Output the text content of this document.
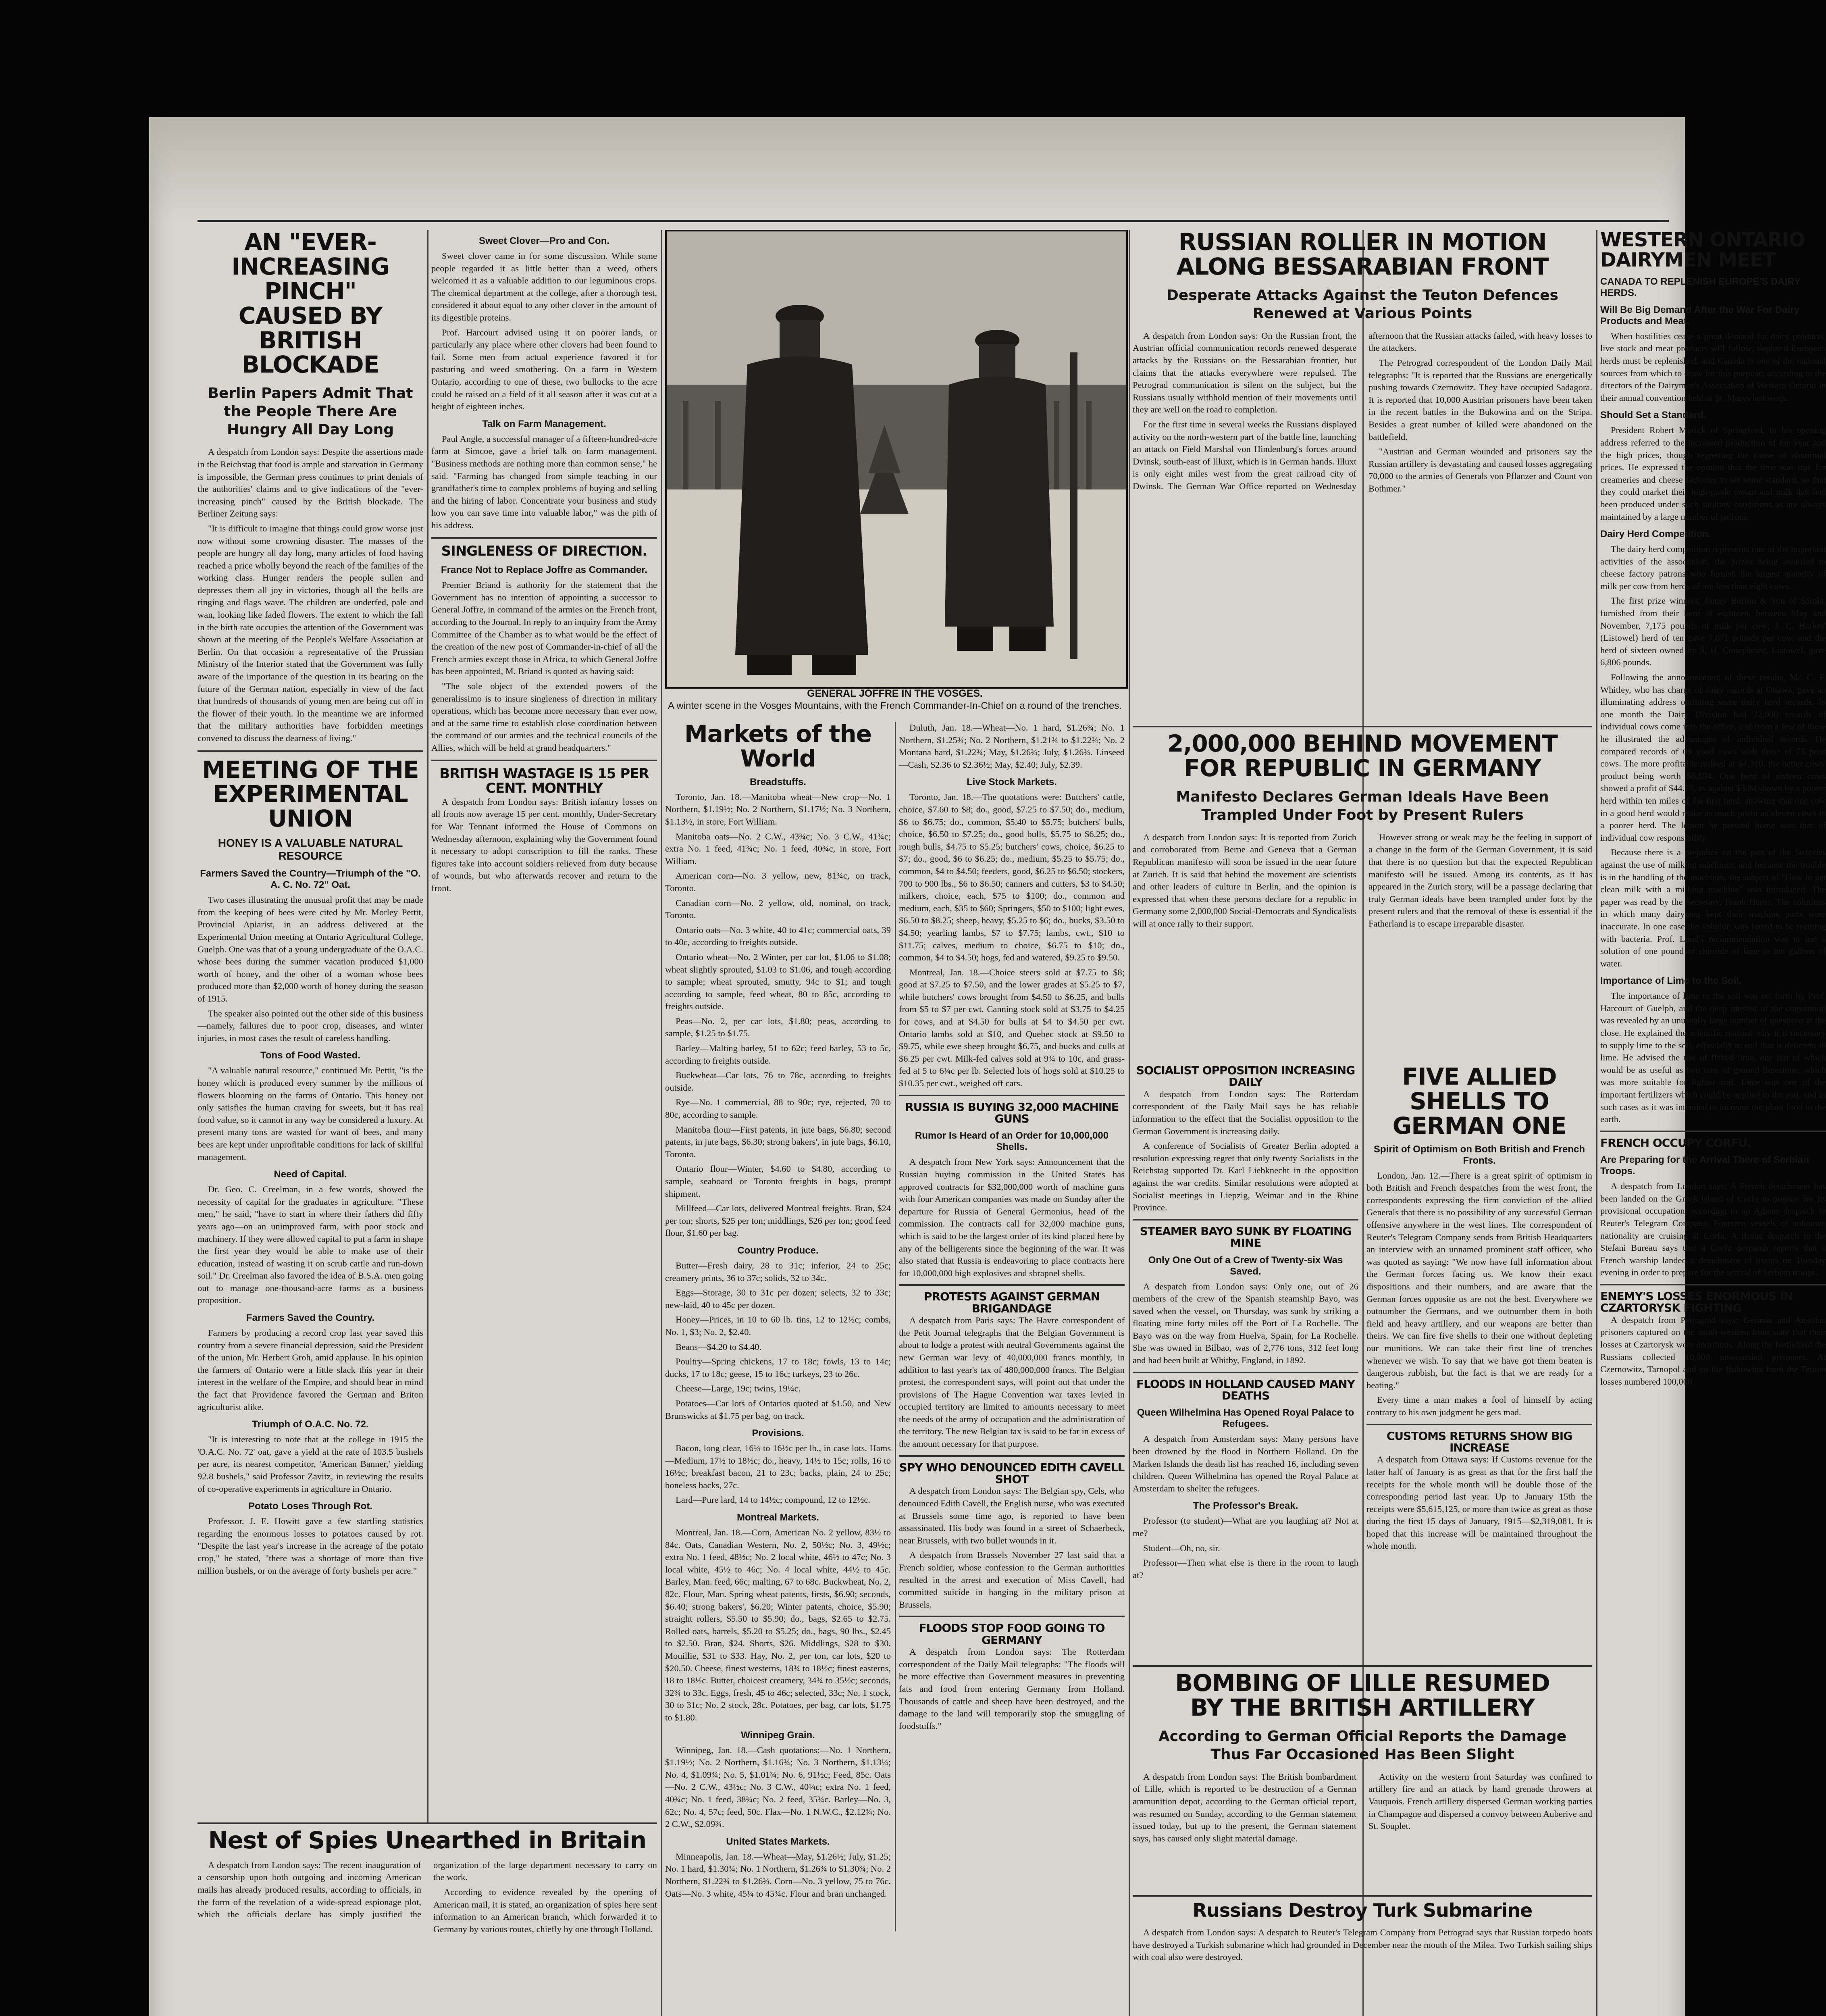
AN "EVER-INCREASING PINCH"
CAUSED BY BRITISH BLOCKADE
Berlin Papers Admit That the People There Are Hungry All Day Long

A despatch from London says: Despite the assertions made in the Reichstag that food is ample and starvation in Germany is impossible, the German press continues to print denials of the authorities' claims and to give indications of the "ever-increasing pinch" caused by the British blockade. The Berliner Zeitung says:

"It is difficult to imagine that things could grow worse just now without some crowning disaster. The masses of the people are hungry all day long, many articles of food having reached a price wholly beyond the reach of the families of the working class. Hunger renders the people sullen and depresses them all joy in victories, though all the bells are ringing and flags wave. The children are underfed, pale and wan, looking like faded flowers. The extent to which the fall in the birth rate occupies the attention of the Government was shown at the meeting of the People's Welfare Association at Berlin. On that occasion a representative of the Prussian Ministry of the Interior stated that the Government was fully aware of the importance of the question in its bearing on the future of the German nation, especially in view of the fact that hundreds of thousands of young men are being cut off in the flower of their youth. In the meantime we are informed that the military authorities have forbidden meetings convened to discuss the dearness of living."

MEETING OF THE EXPERIMENTAL UNION
HONEY IS A VALUABLE NATURAL RESOURCE
Farmers Saved the Country—Triumph of the "O. A. C. No. 72" Oat.

Two cases illustrating the unusual profit that may be made from the keeping of bees were cited by Mr. Morley Pettit, Provincial Apiarist, in an address delivered at the Experimental Union meeting at Ontario Agricultural College, Guelph. One was that of a young undergraduate of the O.A.C. whose bees during the summer vacation produced $1,000 worth of honey, and the other of a woman whose bees produced more than $2,000 worth of honey during the season of 1915.

The speaker also pointed out the other side of this business—namely, failures due to poor crop, diseases, and winter injuries, in most cases the result of careless handling.

Tons of Food Wasted.

"A valuable natural resource," continued Mr. Pettit, "is the honey which is produced every summer by the millions of flowers blooming on the farms of Ontario. This honey not only satisfies the human craving for sweets, but it has real food value, so it cannot in any way be considered a luxury. At present many tons are wasted for want of bees, and many bees are kept under unprofitable conditions for lack of skillful management.

Need of Capital.

Dr. Geo. C. Creelman, in a few words, showed the necessity of capital for the graduates in agriculture. "These men," he said, "have to start in where their fathers did fifty years ago—on an unimproved farm, with poor stock and machinery. If they were allowed capital to put a farm in shape the first year they would be able to make use of their education, instead of wasting it on scrub cattle and run-down soil." Dr. Creelman also favored the idea of B.S.A. men going out to manage one-thousand-acre farms as a business proposition.

Farmers Saved the Country.

Farmers by producing a record crop last year saved this country from a severe financial depression, said the President of the union, Mr. Herbert Groh, amid applause. In his opinion the farmers of Ontario were a little slack this year in their interest in the welfare of the Empire, and should bear in mind the fact that Providence favored the German and Briton agriculturist alike.

Triumph of O.A.C. No. 72.

"It is interesting to note that at the college in 1915 the 'O.A.C. No. 72' oat, gave a yield at the rate of 103.5 bushels per acre, its nearest competitor, 'American Banner,' yielding 92.8 bushels," said Professor Zavitz, in reviewing the results of co-operative experiments in agriculture in Ontario.

Potato Loses Through Rot.

Professor. J. E. Howitt gave a few startling statistics regarding the enormous losses to potatoes caused by rot. "Despite the last year's increase in the acreage of the potato crop," he stated, "there was a shortage of more than five million bushels, or on the average of forty bushels per acre."

Sweet Clover—Pro and Con.

Sweet clover came in for some discussion. While some people regarded it as little better than a weed, others welcomed it as a valuable addition to our leguminous crops. The chemical department at the college, after a thorough test, considered it about equal to any other clover in the amount of its digestible proteins.

Prof. Harcourt advised using it on poorer lands, or particularly any place where other clovers had been found to fail. Some men from actual experience favored it for pasturing and weed smothering. On a farm in Western Ontario, according to one of these, two bullocks to the acre could be raised on a field of it all season after it was cut at a height of eighteen inches.

Talk on Farm Management.

Paul Angle, a successful manager of a fifteen-hundred-acre farm at Simcoe, gave a brief talk on farm management. "Business methods are nothing more than common sense," he said. "Farming has changed from simple teaching in our grandfather's time to complex problems of buying and selling and the hiring of labor. Concentrate your business and study how you can save time into valuable labor," was the pith of his address.

SINGLENESS OF DIRECTION.
France Not to Replace Joffre as Commander.

Premier Briand is authority for the statement that the Government has no intention of appointing a successor to General Joffre, in command of the armies on the French front, according to the Journal. In reply to an inquiry from the Army Committee of the Chamber as to what would be the effect of the creation of the new post of Commander-in-chief of all the French armies except those in Africa, to which General Joffre has been appointed, M. Briand is quoted as having said:

"The sole object of the extended powers of the generalissimo is to insure singleness of direction in military operations, which has become more necessary than ever now, and at the same time to establish close coordination between the command of our armies and the technical councils of the Allies, which will be held at grand headquarters."

BRITISH WASTAGE IS 15 PER CENT. MONTHLY

A despatch from London says: British infantry losses on all fronts now average 15 per cent. monthly, Under-Secretary for War Tennant informed the House of Commons on Wednesday afternoon, explaining why the Government found it necessary to adopt conscription to fill the ranks. These figures take into account soldiers relieved from duty because of wounds, but who afterwards recover and return to the front.

Nest of Spies Unearthed in Britain

A despatch from London says: The recent inauguration of a censorship upon both outgoing and incoming American mails has already produced results, according to officials, in the form of the revelation of a wide-spread espionage plot, which the officials declare has simply justified the organization of the large department necessary to carry on the work.

According to evidence revealed by the opening of American mail, it is stated, an organization of spies here sent information to an American branch, which forwarded it to Germany by various routes, chiefly by one through Holland.

GENERAL JOFFRE IN THE VOSGES.
A winter scene in the Vosges Mountains, with the French Commander-In-Chief on a round of the trenches.
Markets of the World
Breadstuffs.

Toronto, Jan. 18.—Manitoba wheat—New crop—No. 1 Northern, $1.19½; No. 2 Northern, $1.17½; No. 3 Northern, $1.13½, in store, Fort William.

Manitoba oats—No. 2 C.W., 43¾c; No. 3 C.W., 41¾c; extra No. 1 feed, 41¾c; No. 1 feed, 40¾c, in store, Fort William.

American corn—No. 3 yellow, new, 81¾c, on track, Toronto.

Canadian corn—No. 2 yellow, old, nominal, on track, Toronto.

Ontario oats—No. 3 white, 40 to 41c; commercial oats, 39 to 40c, according to freights outside.

Ontario wheat—No. 2 Winter, per car lot, $1.06 to $1.08; wheat slightly sprouted, $1.03 to $1.06, and tough according to sample; wheat sprouted, smutty, 94c to $1; and tough according to sample, feed wheat, 80 to 85c, according to freights outside.

Peas—No. 2, per car lots, $1.80; peas, according to sample, $1.25 to $1.75.

Barley—Malting barley, 51 to 62c; feed barley, 53 to 5c, according to freights outside.

Buckwheat—Car lots, 76 to 78c, according to freights outside.

Rye—No. 1 commercial, 88 to 90c; rye, rejected, 70 to 80c, according to sample.

Manitoba flour—First patents, in jute bags, $6.80; second patents, in jute bags, $6.30; strong bakers', in jute bags, $6.10, Toronto.

Ontario flour—Winter, $4.60 to $4.80, according to sample, seaboard or Toronto freights in bags, prompt shipment.

Millfeed—Car lots, delivered Montreal freights. Bran, $24 per ton; shorts, $25 per ton; middlings, $26 per ton; good feed flour, $1.60 per bag.

Country Produce.

Butter—Fresh dairy, 28 to 31c; inferior, 24 to 25c; creamery prints, 36 to 37c; solids, 32 to 34c.

Eggs—Storage, 30 to 31c per dozen; selects, 32 to 33c; new-laid, 40 to 45c per dozen.

Honey—Prices, in 10 to 60 lb. tins, 12 to 12½c; combs, No. 1, $3; No. 2, $2.40.

Beans—$4.20 to $4.40.

Poultry—Spring chickens, 17 to 18c; fowls, 13 to 14c; ducks, 17 to 18c; geese, 15 to 16c; turkeys, 23 to 26c.

Cheese—Large, 19c; twins, 19¼c.

Potatoes—Car lots of Ontarios quoted at $1.50, and New Brunswicks at $1.75 per bag, on track.

Provisions.

Bacon, long clear, 16¼ to 16½c per lb., in case lots. Hams—Medium, 17½ to 18½c; do., heavy, 14½ to 15c; rolls, 16 to 16½c; breakfast bacon, 21 to 23c; backs, plain, 24 to 25c; boneless backs, 27c.

Lard—Pure lard, 14 to 14½c; compound, 12 to 12½c.

Montreal Markets.

Montreal, Jan. 18.—Corn, American No. 2 yellow, 83½ to 84c. Oats, Canadian Western, No. 2, 50½c; No. 3, 49½c; extra No. 1 feed, 48½c; No. 2 local white, 46½ to 47c; No. 3 local white, 45½ to 46c; No. 4 local white, 44½ to 45c. Barley, Man. feed, 66c; malting, 67 to 68c. Buckwheat, No. 2, 82c. Flour, Man. Spring wheat patents, firsts, $6.90; seconds, $6.40; strong bakers', $6.20; Winter patents, choice, $5.90; straight rollers, $5.50 to $5.90; do., bags, $2.65 to $2.75. Rolled oats, barrels, $5.20 to $5.25; do., bags, 90 lbs., $2.45 to $2.50. Bran, $24. Shorts, $26. Middlings, $28 to $30. Mouillie, $31 to $33. Hay, No. 2, per ton, car lots, $20 to $20.50. Cheese, finest westerns, 18¾ to 18½c; finest easterns, 18 to 18½c. Butter, choicest creamery, 34¾ to 35½c; seconds, 32¾ to 33c. Eggs, fresh, 45 to 46c; selected, 33c; No. 1 stock, 30 to 31c; No. 2 stock, 28c. Potatoes, per bag, car lots, $1.75 to $1.80.

Winnipeg Grain.

Winnipeg, Jan. 18.—Cash quotations:—No. 1 Northern, $1.19½; No. 2 Northern, $1.16¾; No. 3 Northern, $1.13¼; No. 4, $1.09¾; No. 5, $1.01¾; No. 6, 91½c; Feed, 85c. Oats—No. 2 C.W., 43½c; No. 3 C.W., 40¼c; extra No. 1 feed, 40¾c; No. 1 feed, 38¾c; No. 2 feed, 35¾c. Barley—No. 3, 62c; No. 4, 57c; feed, 50c. Flax—No. 1 N.W.C., $2.12¾; No. 2 C.W., $2.09¾.

United States Markets.

Minneapolis, Jan. 18.—Wheat—May, $1.26½; July, $1.25; No. 1 hard, $1.30¾; No. 1 Northern, $1.26¾ to $1.30¾; No. 2 Northern, $1.22¾ to $1.26¾. Corn—No. 3 yellow, 75 to 76c. Oats—No. 3 white, 45¼ to 45¾c. Flour and bran unchanged.

Duluth, Jan. 18.—Wheat—No. 1 hard, $1.26¾; No. 1 Northern, $1.25¾; No. 2 Northern, $1.21¾ to $1.22¾; No. 2 Montana hard, $1.22¾; May, $1.26¾; July, $1.26¾. Linseed—Cash, $2.36 to $2.36½; May, $2.40; July, $2.39.

Live Stock Markets.

Toronto, Jan. 18.—The quotations were: Butchers' cattle, choice, $7.60 to $8; do., good, $7.25 to $7.50; do., medium, $6 to $6.75; do., common, $5.40 to $5.75; butchers' bulls, choice, $6.50 to $7.25; do., good bulls, $5.75 to $6.25; do., rough bulls, $4.75 to $5.25; butchers' cows, choice, $6.25 to $7; do., good, $6 to $6.25; do., medium, $5.25 to $5.75; do., common, $4 to $4.50; feeders, good, $6.25 to $6.50; stockers, 700 to 900 lbs., $6 to $6.50; canners and cutters, $3 to $4.50; milkers, choice, each, $75 to $100; do., common and medium, each, $35 to $60; Springers, $50 to $100; light ewes, $6.50 to $8.25; sheep, heavy, $5.25 to $6; do., bucks, $3.50 to $4.50; yearling lambs, $7 to $7.75; lambs, cwt., $10 to $11.75; calves, medium to choice, $6.75 to $10; do., common, $4 to $4.50; hogs, fed and watered, $9.25 to $9.50.

Montreal, Jan. 18.—Choice steers sold at $7.75 to $8; good at $7.25 to $7.50, and the lower grades at $5.25 to $7, while butchers' cows brought from $4.50 to $6.25, and bulls from $5 to $7 per cwt. Canning stock sold at $3.75 to $4.25 for cows, and at $4.50 for bulls at $4 to $4.50 per cwt. Ontario lambs sold at $10, and Quebec stock at $9.50 to $9.75, while ewe sheep brought $6.75, and bucks and culls at $6.25 per cwt. Milk-fed calves sold at 9¾ to 10c, and grass-fed at 5 to 6¼c per lb. Selected lots of hogs sold at $10.25 to $10.35 per cwt., weighed off cars.

RUSSIA IS BUYING 32,000 MACHINE GUNS
Rumor Is Heard of an Order for 10,000,000 Shells.

A despatch from New York says: Announcement that the Russian buying commission in the United States has approved contracts for $32,000,000 worth of machine guns with four American companies was made on Sunday after the departure for Russia of General Germonius, head of the commission. The contracts call for 32,000 machine guns, which is said to be the largest order of its kind placed here by any of the belligerents since the beginning of the war. It was also stated that Russia is endeavoring to place contracts here for 10,000,000 high explosives and shrapnel shells.

PROTESTS AGAINST GERMAN BRIGANDAGE

A despatch from Paris says: The Havre correspondent of the Petit Journal telegraphs that the Belgian Government is about to lodge a protest with neutral Governments against the new German war levy of 40,000,000 francs monthly, in addition to last year's tax of 480,000,000 francs. The Belgian protest, the correspondent says, will point out that under the provisions of The Hague Convention war taxes levied in occupied territory are limited to amounts necessary to meet the needs of the army of occupation and the administration of the territory. The new Belgian tax is said to be far in excess of the amount necessary for that purpose.

SPY WHO DENOUNCED EDITH CAVELL SHOT

A despatch from London says: The Belgian spy, Cels, who denounced Edith Cavell, the English nurse, who was executed at Brussels some time ago, is reported to have been assassinated. His body was found in a street of Schaerbeck, near Brussels, with two bullet wounds in it.

A despatch from Brussels November 27 last said that a French soldier, whose confession to the German authorities resulted in the arrest and execution of Miss Cavell, had committed suicide in hanging in the military prison at Brussels.

FLOODS STOP FOOD GOING TO GERMANY

A despatch from London says: The Rotterdam correspondent of the Daily Mail telegraphs: "The floods will be more effective than Government measures in preventing fats and food from entering Germany from Holland. Thousands of cattle and sheep have been destroyed, and the damage to the land will temporarily stop the smuggling of foodstuffs."

RUSSIAN ROLLER IN MOTION
ALONG BESSARABIAN FRONT
Desperate Attacks Against the Teuton Defences Renewed at Various Points

A despatch from London says: On the Russian front, the Austrian official communication records renewed desperate attacks by the Russians on the Bessarabian frontier, but claims that the attacks everywhere were repulsed. The Petrograd communication is silent on the subject, but the Russians usually withhold mention of their movements until they are well on the road to completion.

For the first time in several weeks the Russians displayed activity on the north-western part of the battle line, launching an attack on Field Marshal von Hindenburg's forces around Dvinsk, south-east of Illuxt, which is in German hands. Illuxt is only eight miles west from the great railroad city of Dwinsk. The German War Office reported on Wednesday afternoon that the Russian attacks failed, with heavy losses to the attackers.

The Petrograd correspondent of the London Daily Mail telegraphs: "It is reported that the Russians are energetically pushing towards Czernowitz. They have occupied Sadagora. It is reported that 10,000 Austrian prisoners have been taken in the recent battles in the Bukowina and on the Stripa. Besides a great number of killed were abandoned on the battlefield.

"Austrian and German wounded and prisoners say the Russian artillery is devastating and caused losses aggregating 70,000 to the armies of Generals von Pflanzer and Count von Bothmer."

2,000,000 BEHIND MOVEMENT
FOR REPUBLIC IN GERMANY
Manifesto Declares German Ideals Have Been Trampled Under Foot by Present Rulers

A despatch from London says: It is reported from Zurich and corroborated from Berne and Geneva that a German Republican manifesto will soon be issued in the near future at Zurich. It is said that behind the movement are scientists and other leaders of culture in Berlin, and the opinion is expressed that when these persons declare for a republic in Germany some 2,000,000 Social-Democrats and Syndicalists will at once rally to their support.

However strong or weak may be the feeling in support of a change in the form of the German Government, it is said that there is no question but that the expected Republican manifesto will be issued. Among its contents, as it has appeared in the Zurich story, will be a passage declaring that truly German ideals have been trampled under foot by the present rulers and that the removal of these is essential if the Fatherland is to escape irreparable disaster.

SOCIALIST OPPOSITION INCREASING DAILY

A despatch from London says: The Rotterdam correspondent of the Daily Mail says he has reliable information to the effect that the Socialist opposition to the German Government is increasing daily.

A conference of Socialists of Greater Berlin adopted a resolution expressing regret that only twenty Socialists in the Reichstag supported Dr. Karl Liebknecht in the opposition against the war credits. Similar resolutions were adopted at Socialist meetings in Liepzig, Weimar and in the Rhine Province.

STEAMER BAYO SUNK BY FLOATING MINE
Only One Out of a Crew of Twenty-six Was Saved.

A despatch from London says: Only one, out of 26 members of the crew of the Spanish steamship Bayo, was saved when the vessel, on Thursday, was sunk by striking a floating mine forty miles off the Port of La Rochelle. The Bayo was on the way from Huelva, Spain, for La Rochelle. She was owned in Bilbao, was of 2,776 tons, 312 feet long and had been built at Whitby, England, in 1892.

FLOODS IN HOLLAND CAUSED MANY DEATHS
Queen Wilhelmina Has Opened Royal Palace to Refugees.

A despatch from Amsterdam says: Many persons have been drowned by the flood in Northern Holland. On the Marken Islands the death list has reached 16, including seven children. Queen Wilhelmina has opened the Royal Palace at Amsterdam to shelter the refugees.

The Professor's Break.

Professor (to student)—What are you laughing at? Not at me?

Student—Oh, no, sir.

Professor—Then what else is there in the room to laugh at?

FIVE ALLIED SHELLS TO GERMAN ONE
Spirit of Optimism on Both British and French Fronts.

London, Jan. 12.—There is a great spirit of optimism in both British and French despatches from the west front, the correspondents expressing the firm conviction of the allied Generals that there is no possibility of any successful German offensive anywhere in the west lines. The correspondent of Reuter's Telegram Company sends from British Headquarters an interview with an unnamed prominent staff officer, who was quoted as saying: "We now have full information about the German forces facing us. We know their exact dispositions and their numbers, and are aware that the German forces opposite us are not the best. Everywhere we outnumber the Germans, and we outnumber them in both field and heavy artillery, and our weapons are better than theirs. We can fire five shells to their one without depleting our munitions. We can take their first line of trenches whenever we wish. To say that we have got them beaten is dangerous rubbish, but the fact is that we are ready for a beating."

Every time a man makes a fool of himself by acting contrary to his own judgment he gets mad.

CUSTOMS RETURNS SHOW BIG INCREASE

A despatch from Ottawa says: If Customs revenue for the latter half of January is as great as that for the first half the receipts for the whole month will be double those of the corresponding period last year. Up to January 15th the receipts were $5,615,125, or more than twice as great as those during the first 15 days of January, 1915—$2,319,081. It is hoped that this increase will be maintained throughout the whole month.

BOMBING OF LILLE RESUMED
BY THE BRITISH ARTILLERY
According to German Official Reports the Damage Thus Far Occasioned Has Been Slight

A despatch from London says: The British bombardment of Lille, which is reported to be destruction of a German ammunition depot, according to the German official report, was resumed on Sunday, according to the German statement issued today, but up to the present, the German statement says, has caused only slight material damage.

Activity on the western front Saturday was confined to artillery fire and an attack by hand grenade throwers at Vauquois. French artillery dispersed German working parties in Champagne and dispersed a convoy between Auberive and St. Souplet.

Russians Destroy Turk Submarine

A despatch from London says: A despatch to Reuter's Telegram Company from Petrograd says that Russian torpedo boats have destroyed a Turkish submarine which had grounded in December near the mouth of the Milea. Two Turkish sailing ships with coal also were destroyed.

WESTERN ONTARIO DAIRYMEN MEET
CANADA TO REPLENISH EUROPE'S DAIRY HERDS.
Will Be Big Demand After the War For Dairy Products and Meat.

When hostilities cease a great demand for dairy products, live stock and meat products will follow; depleted European herds must be replenished, and Canada is one of the national sources from which to draw for this purpose, according to the directors of the Dairymen's Association of Western Ontario in their annual convention held at St. Marys last week.

Should Set a Standard.

President Robert Myrick of Springford, in his opening address referred to the increased production of the year and the high prices, though regretting the cause of abnormal prices. He expressed the opinion that the time was ripe for creameries and cheese factories to set some standard, so that they could market their high-grade cream and milk that had been produced under such sanitary conditions as are always maintained by a large number of patrons.

Dairy Herd Competition.

The dairy herd competition represents one of the important activities of the association, the prizes being awarded to cheese factory patrons who furnish the largest quantity of milk per cow from herds of not less than eight cows.

The first prize winners, James Burton & Son of Sarnia, furnished from their herd of eighteen, between May and November, 7,175 pounds of milk per cow; J. C. Harkes' (Listowel) herd of ten gave 7,071 pounds per cow, and the herd of sixteen owned by S. H. Coneybeare, Listowel, gave 6,806 pounds.

Following the announcement of these results, Mr. C. F. Whitley, who has charge of dairy records at Ottawa, gave an illuminating address outlining some dairy herd records. In one month the Dairy Division had 22,000 records of individual cows come into the office, and from a few of these he illustrated the advantages of individual records. He compared records of 69 good cows with those of 73 poor cows. The more profitable milked at $4,310, the better cows' product being worth $6,694. One herd of sixteen cows showed a profit of $44.70, as against $3.84 shown by a poorer herd within ten miles of the first herd, showing that one cow in a good herd would make as much profit as eleven cows in a poorer herd. The lesson he pressed home was that of individual cow responsibility.

Because there is a prejudice on the part of the factories against the use of milking machines, and because the trouble is in the handling of the machines, the subject of "How to get clean milk with a milking machine" was introduced. The paper was read by the Secretary, Frank Herns. The solutions in which many dairymen kept their machine parts were inaccurate. In one case the solution was found to be teeming with bacteria. Prof. Lund's recommendation was to use a solution of one pound of chloride of lime to ten gallons of water.

Importance of Lime to the Soil.

The importance of lime to the soil was set forth by Prof. Harcourt of Guelph, and the deep interest of the convention was revealed by an unusually large number of questions at the close. He explained the scientific reasons why it is necessary to supply lime to the soil, especially to soil that is deficient in lime. He advised the use of flaked lime, one ton of which would be as useful as two tons of ground limestone, which was more suitable for lighter soil. Lime was one of the important fertilizers which could be applied to the soil, and in such cases as it was intended to increase the plant food in the earth.

FRENCH OCCUPY CORFU.
Are Preparing for the Arrival There of Serbian Troops.

A despatch from London says: A French detachment has been landed on the Greek island of Corfu to prepare for its provisional occupation, according to an Athens despatch to Reuter's Telegram Company. Fourteen vessels of unknown nationality are cruising at Corfu. A Rome despatch to the Stefani Bureau says that a Corfu despatch reports that a French warship landed a detachment of troops on Tuesday evening in order to prepare for the arrival of Serbian troops.

ENEMY'S LOSSES ENORMOUS IN CZARTORYSK FIGHTING

A despatch from Petrograd says: German and Austrian prisoners captured on the south-western front state that their losses at Czartorysk were enormous. Along the battlefield the Russians collected 10,000 unwounded prisoners. At Czernowitz, Tarnopol and on the Bukowina front the Teuton losses numbered 100,000.
